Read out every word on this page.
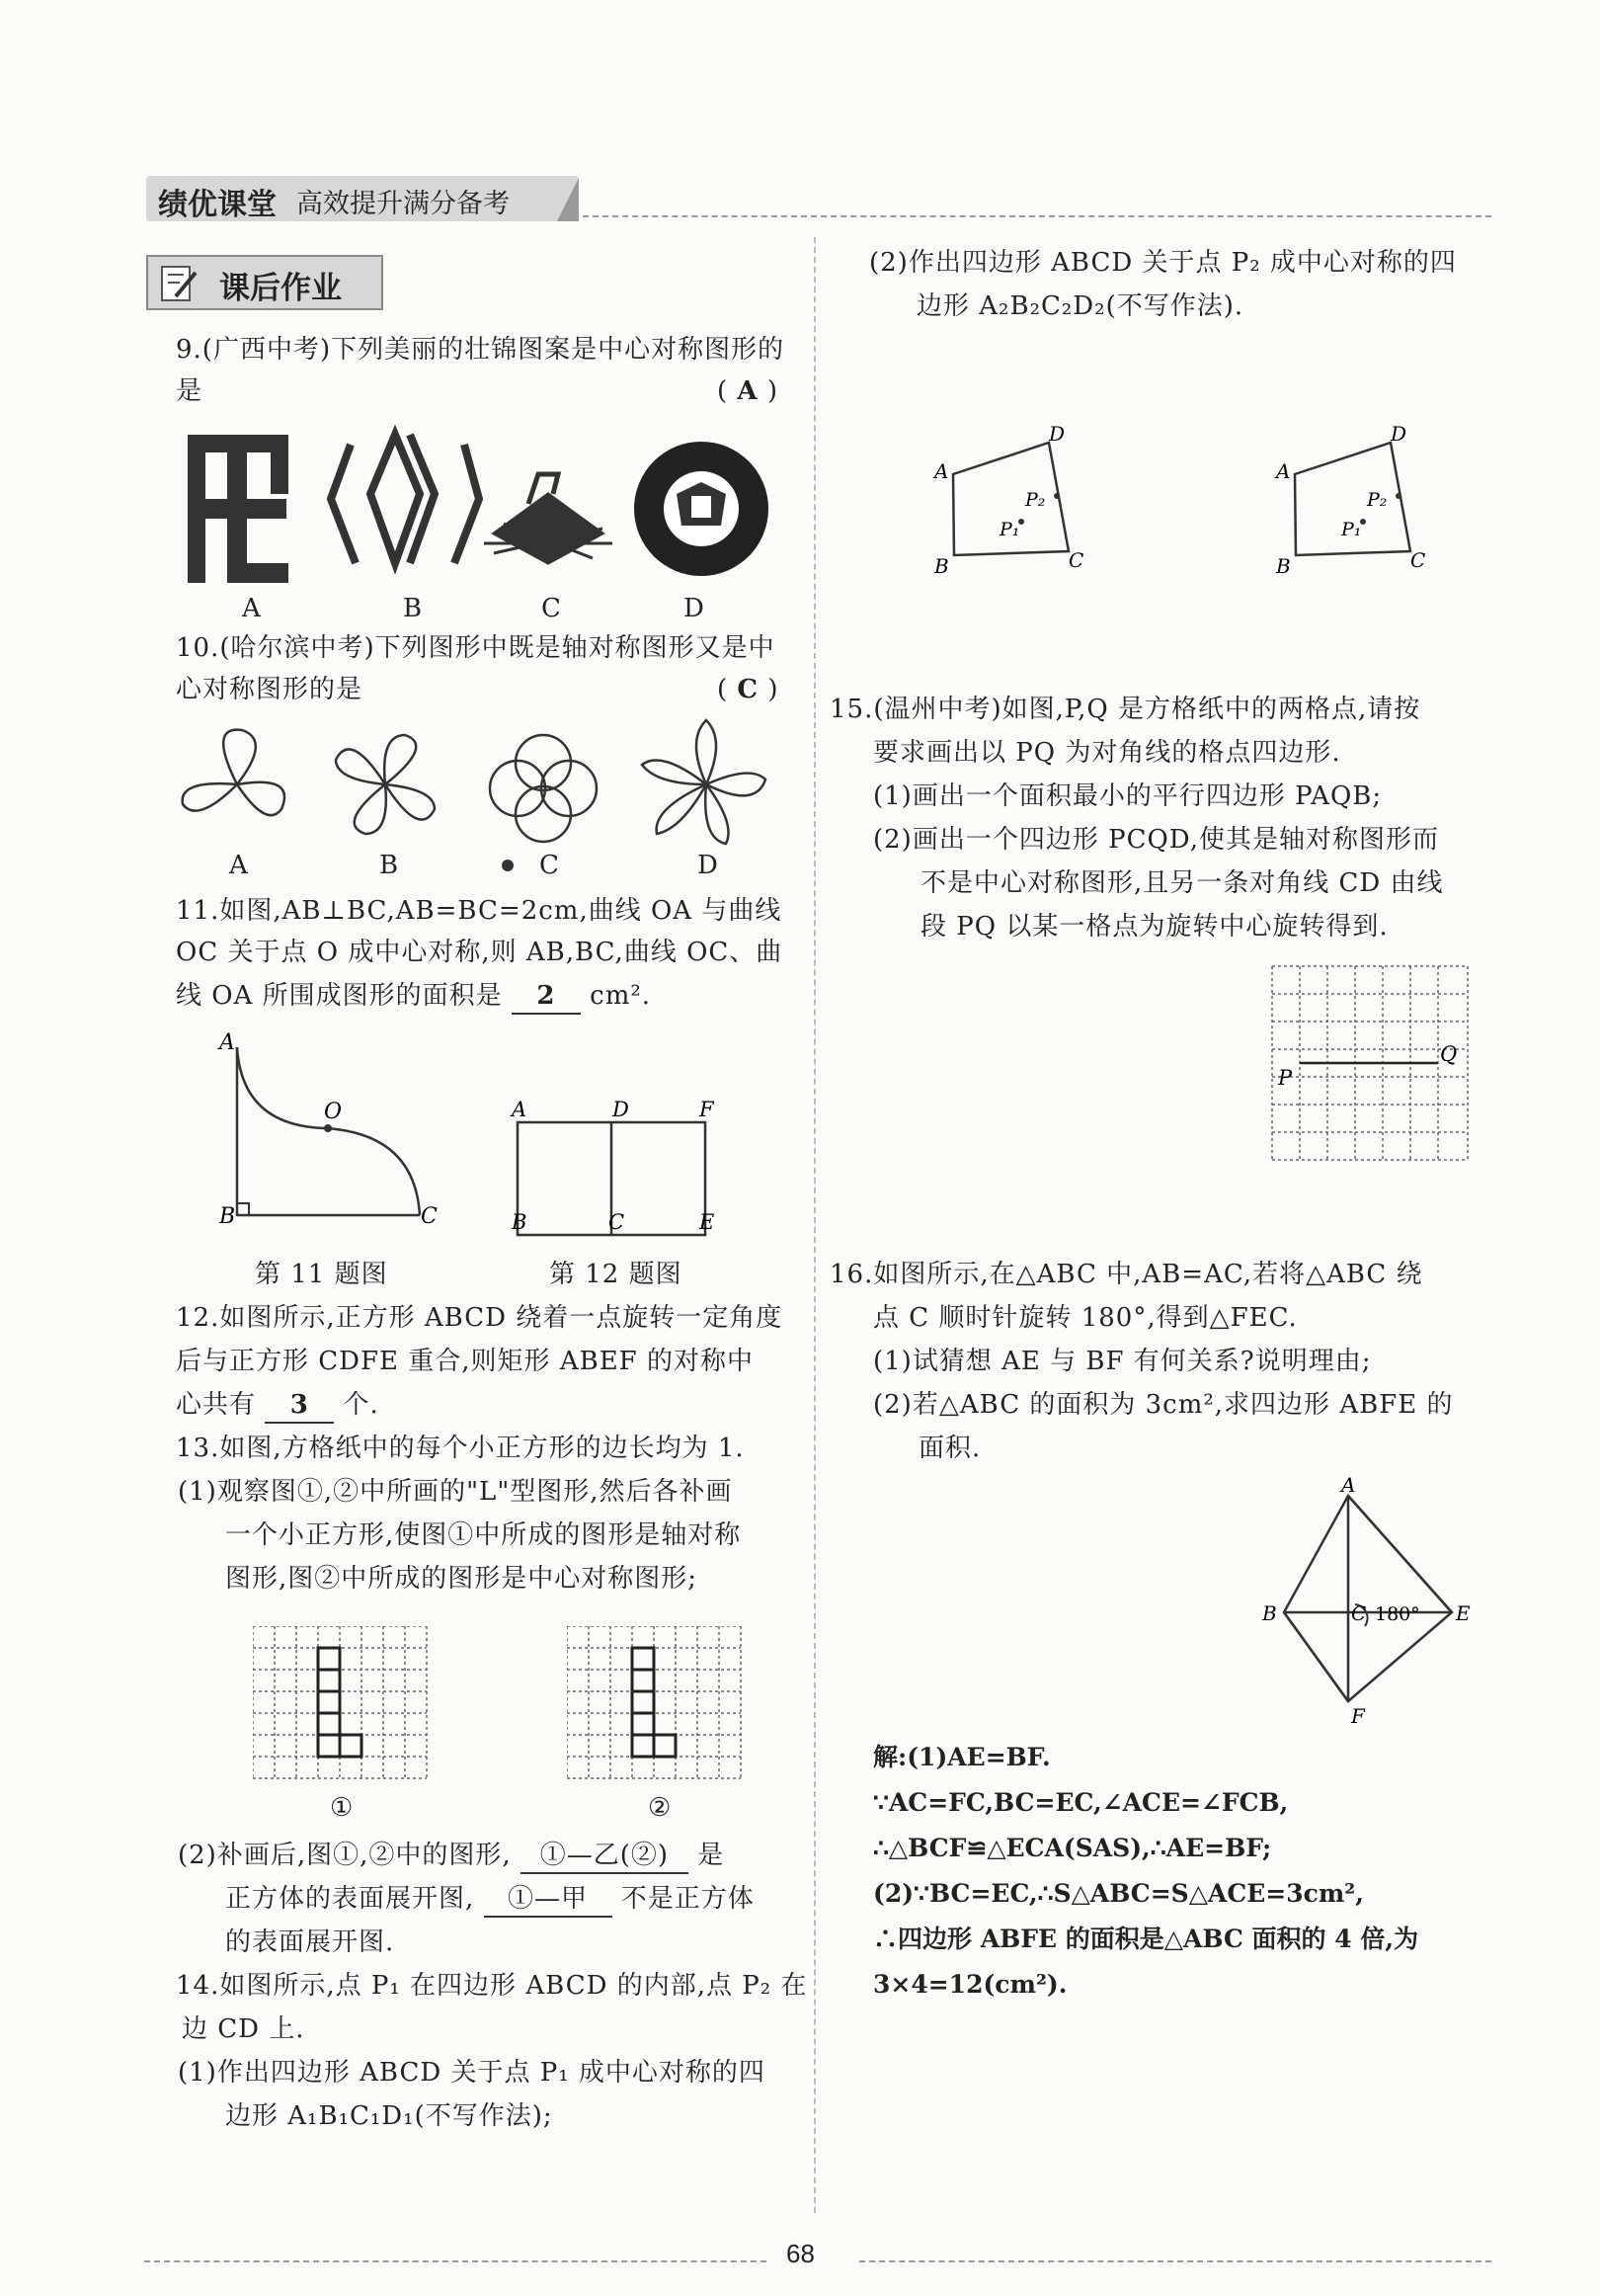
绩优课堂 高效提升满分备考
课后作业
9.(广西中考)下列美丽的壮锦图案是中心对称图形的
是	( A )
A	B	C	D
10.(哈尔滨中考)下列图形中既是轴对称图形又是中
心对称图形的是	( C )
A	B	C	D
11.如图,AB⊥BC,AB=BC=2cm,曲线 OA 与曲线
OC 关于点 O 成中心对称,则 AB,BC,曲线 OC、曲
线 OA 所围成图形的面积是 2 cm².
A
O
B	C
第 11 题图
A	D	F
B	C	E
第 12 题图
12.如图所示,正方形 ABCD 绕着一点旋转一定角度
后与正方形 CDFE 重合,则矩形 ABEF 的对称中
心共有 3 个.
13.如图,方格纸中的每个小正方形的边长均为 1.
(1)观察图①,②中所画的"L"型图形,然后各补画
一个小正方形,使图①中所成的图形是轴对称
图形,图②中所成的图形是中心对称图形;
①	②
(2)补画后,图①,②中的图形, ①—乙(②) 是
正方体的表面展开图, ①—甲 不是正方体
的表面展开图.
14.如图所示,点 P₁ 在四边形 ABCD 的内部,点 P₂ 在
边 CD 上.
(1)作出四边形 ABCD 关于点 P₁ 成中心对称的四
边形 A₁B₁C₁D₁(不写作法);
(2)作出四边形 ABCD 关于点 P₂ 成中心对称的四
边形 A₂B₂C₂D₂(不写作法).
A
D
P₂
P₁
B	C
A
D
P₂
P₁
B	C
15.(温州中考)如图,P,Q 是方格纸中的两格点,请按
要求画出以 PQ 为对角线的格点四边形.
(1)画出一个面积最小的平行四边形 PAQB;
(2)画出一个四边形 PCQD,使其是轴对称图形而
不是中心对称图形,且另一条对角线 CD 由线
段 PQ 以某一格点为旋转中心旋转得到.
P
Q
16.如图所示,在△ABC 中,AB=AC,若将△ABC 绕
点 C 顺时针旋转 180°,得到△FEC.
(1)试猜想 AE 与 BF 有何关系?说明理由;
(2)若△ABC 的面积为 3cm²,求四边形 ABFE 的
面积.
A
B	C	E
F
180°
解:(1)AE=BF.
∵AC=FC,BC=EC,∠ACE=∠FCB,
∴△BCF≌△ECA(SAS),∴AE=BF;
(2)∵BC=EC,∴S△ABC=S△ACE=3cm²,
∴四边形 ABFE 的面积是△ABC 面积的 4 倍,为
3×4=12(cm²).
68
